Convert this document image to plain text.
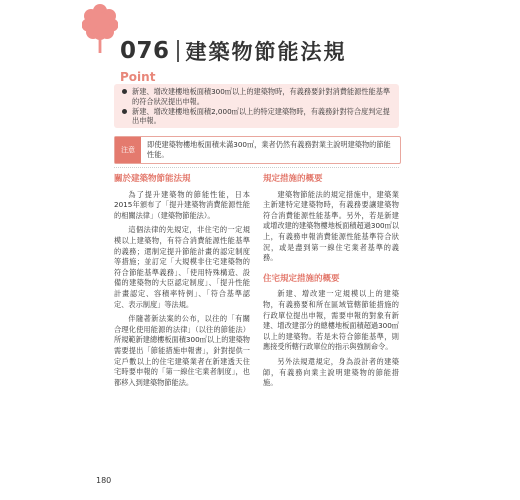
076 建築物節能法規
Point
新建、增改建樓地板面積300㎡以上的建築物時，有義務要針對消費能源性能基準的符合狀況提出申報。
新建、增改建樓地板面積2,000㎡以上的特定建築物時，有義務針對符合度判定提出申報。
注意
即使建築物樓地板面積未滿300㎡，業者仍然有義務對業主說明建築物的節能性能。
關於建築物節能法規

為了提升建築物的節能性能，日本2015年頒布了「提升建築物消費能源性能的相關法律」（建築物節能法）。

這個法律的先規定，非住宅的一定規模以上建築物，有符合消費能源性能基準的義務；還制定提升節能計畫的認定制度等措施；並訂定「大規模非住宅建築物的符合節能基準義務」、「使用特殊構造、設備的建築物的大臣認定制度」、「提升性能計畫認定、容積率特例」、「符合基準認定、表示制度」等法規。

伴隨著新法案的公布，以往的「有關合理化使用能源的法律」（以往的節能法）所規範新建總樓板面積300㎡以上的建築物需要提出「節能措施申報書」，針對提供一定戶數以上的住宅建築業者在新建透天住宅時要申報的「第一線住宅業者制度」，也都移入到建築物節能法。

規定措施的概要

建築物節能法的規定措施中，建築業主新建特定建築物時，有義務要讓建築物符合消費能源性能基準。另外，若是新建或增改建的建築物樓地板面積超過300㎡以上，有義務申報消費能源性能基準符合狀況，或是盡到第一線住宅業者基準的義務。

住宅規定措施的概要

新建、增改建一定規模以上的建築物，有義務要和所在區域管轄節能措施的行政單位提出申報，需要申報的對象有新建、增改建部分的總樓地板面積超過300㎡以上的建築物。若是未符合節能基準，則應接受所轄行政單位的指示與強制命令。

另外法規還規定，身為設計者的建築師，有義務向業主說明建築物的節能措施。

180
